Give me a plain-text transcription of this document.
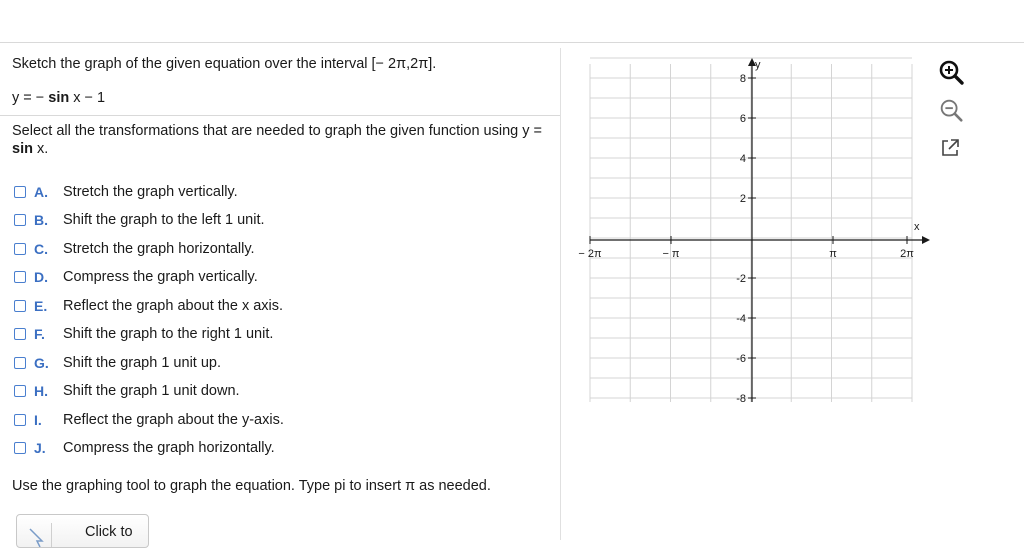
Sketch the graph of the given equation over the interval [− 2π,2π].
y = − sin x − 1
Select all the transformations that are needed to graph the given function using y = sin x.
A.	Stretch the graph vertically.
B.	Shift the graph to the left 1 unit.
C.	Stretch the graph horizontally.
D.	Compress the graph vertically.
E.	Reflect the graph about the x axis.
F.	Shift the graph to the right 1 unit.
G. Shift the graph 1 unit up.
H.	Shift the graph 1 unit down.
I.	Reflect the graph about the y-axis.
J.	Compress the graph horizontally.
Use the graphing tool to graph the equation. Type pi to insert π as needed.
Click to
y
x
− 2π	− π	π	2π
8
6
4
2
-2
-4
-6
-8
